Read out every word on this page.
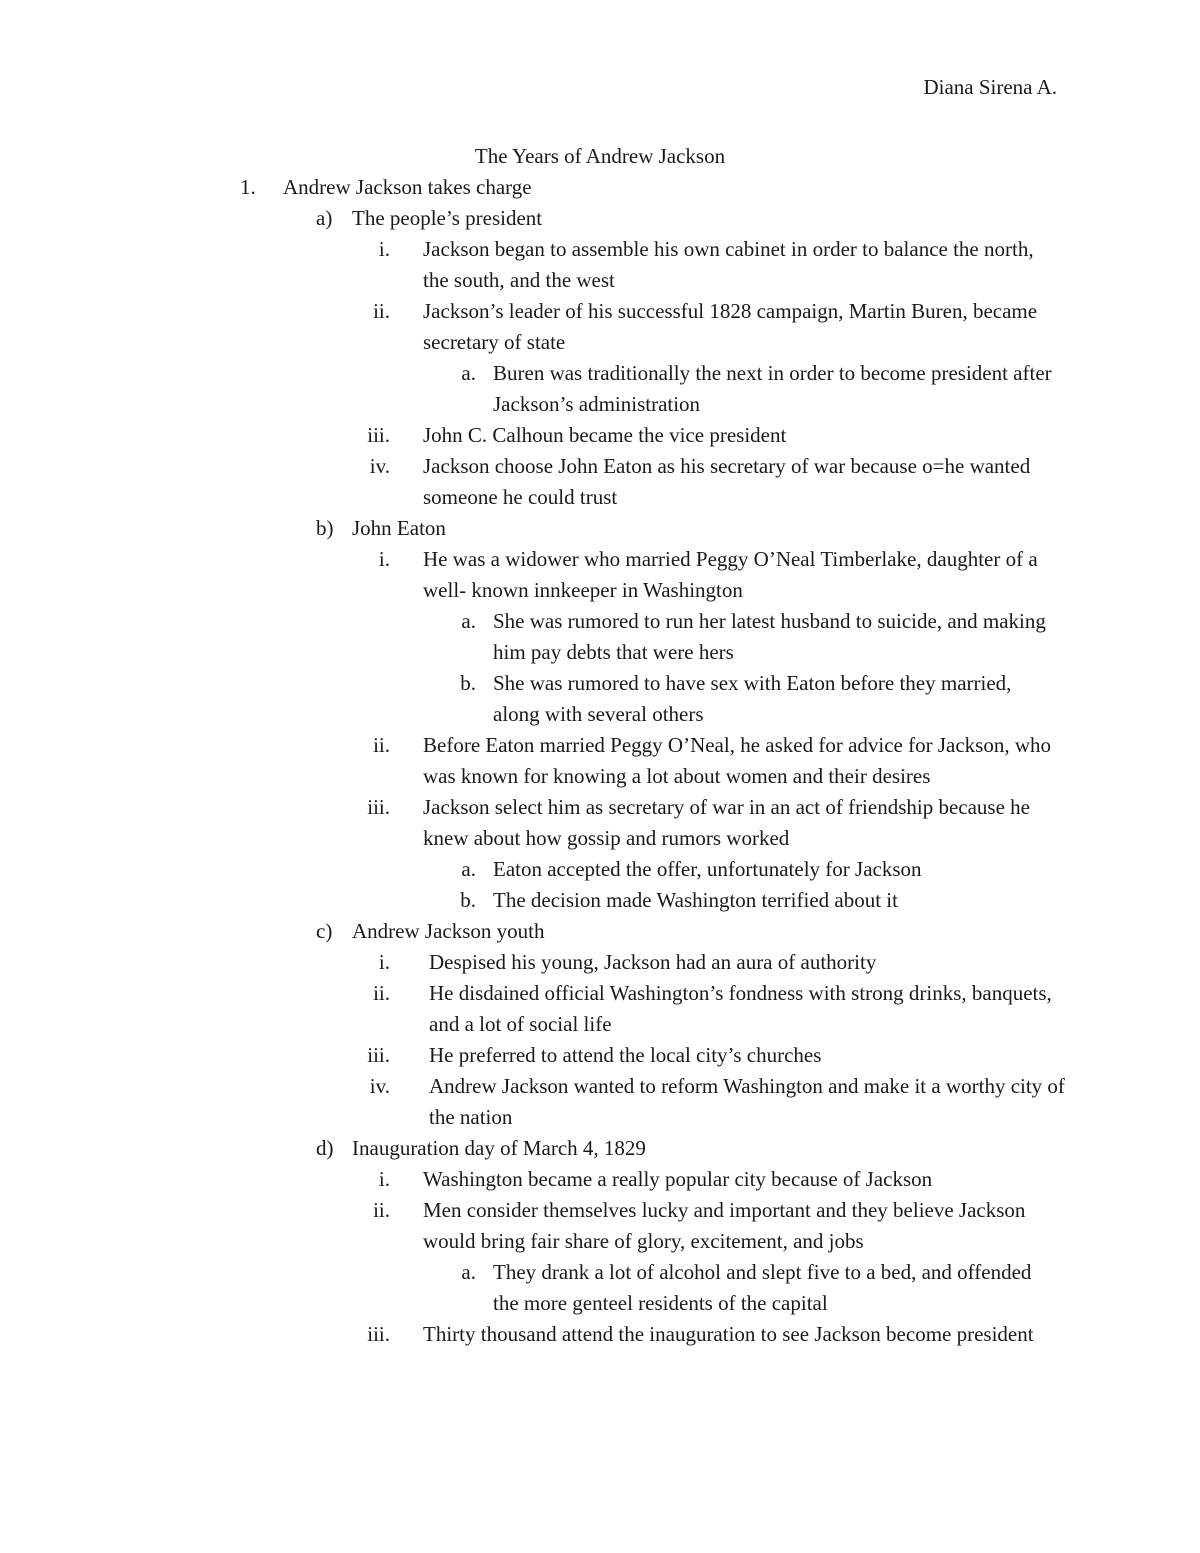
Diana Sirena A.
The Years of Andrew Jackson
1.	Andrew Jackson takes charge
a) The people’s president
i. Jackson began to assemble his own cabinet in order to balance the north, the south, and the west
ii. Jackson’s leader of his successful 1828 campaign, Martin Buren, became secretary of state
a. Buren was traditionally the next in order to become president after Jackson’s administration
iii. John C. Calhoun became the vice president
iv. Jackson choose John Eaton as his secretary of war because o=he wanted someone he could trust
b) John Eaton
i. He was a widower who married Peggy O’Neal Timberlake, daughter of a well- known innkeeper in Washington
a. She was rumored to run her latest husband to suicide, and making him pay debts that were hers
b. She was rumored to have sex with Eaton before they married, along with several others
ii. Before Eaton married Peggy O’Neal, he asked for advice for Jackson, who was known for knowing a lot about women and their desires
iii. Jackson select him as secretary of war in an act of friendship because he knew about how gossip and rumors worked
a. Eaton accepted the offer, unfortunately for Jackson
b. The decision made Washington terrified about it
c) Andrew Jackson youth
i. Despised his young, Jackson had an aura of authority
ii. He disdained official Washington’s fondness with strong drinks, banquets, and a lot of social life
iii. He preferred to attend the local city’s churches
iv. Andrew Jackson wanted to reform Washington and make it a worthy city of the nation
d) Inauguration day of March 4, 1829
i. Washington became a really popular city because of Jackson
ii. Men consider themselves lucky and important and they believe Jackson would bring fair share of glory, excitement, and jobs
a. They drank a lot of alcohol and slept five to a bed, and offended the more genteel residents of the capital
iii. Thirty thousand attend the inauguration to see Jackson become president
